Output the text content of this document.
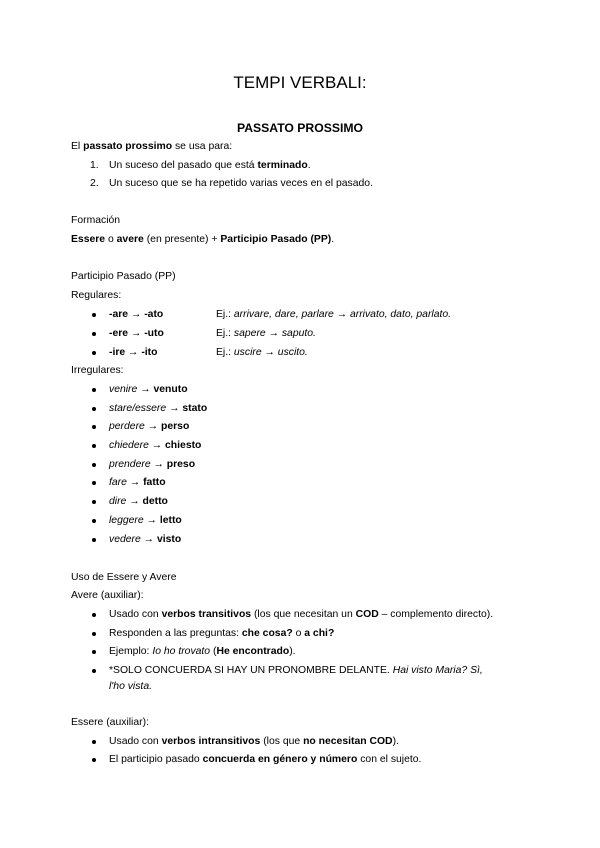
TEMPI VERBALI:
PASSATO PROSSIMO
El passato prossimo se usa para:
1. Un suceso del pasado que está terminado.
2. Un suceso que se ha repetido varias veces en el pasado.
Formación
Essere o avere (en presente) + Participio Pasado (PP).
Participio Pasado (PP)
Regulares:
-are → -ato	Ej.: arrivare, dare, parlare → arrivato, dato, parlato.
-ere → -uto	Ej.: sapere → saputo.
-ire → -ito	Ej.: uscire → uscito.
Irregulares:
venire → venuto
stare/essere → stato
perdere → perso
chiedere → chiesto
prendere → preso
fare → fatto
dire → detto
leggere → letto
vedere → visto
Uso de Essere y Avere
Avere (auxiliar):
Usado con verbos transitivos (los que necesitan un COD – complemento directo).
Responden a las preguntas: che cosa? o a chi?
Ejemplo: Io ho trovato (He encontrado).
*SOLO CONCUERDA SI HAY UN PRONOMBRE DELANTE. Hai visto Maria? Sì,
l'ho vista.
Essere (auxiliar):
Usado con verbos intransitivos (los que no necesitan COD).
El participio pasado concuerda en género y número con el sujeto.
